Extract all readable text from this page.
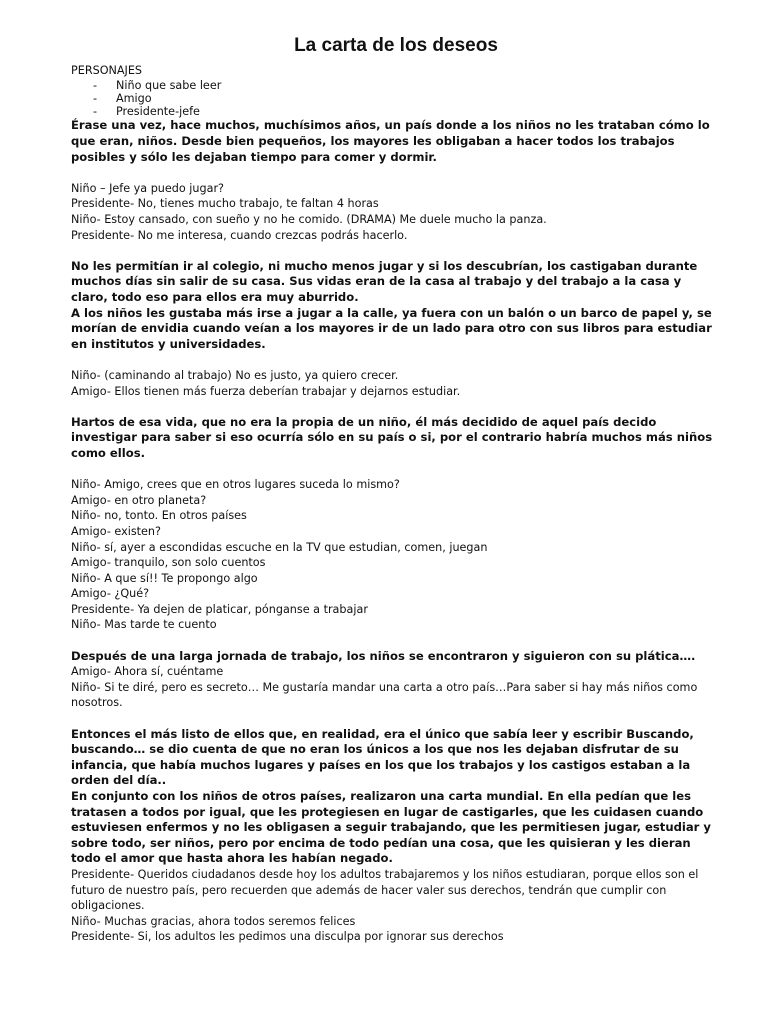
La carta de los deseos
PERSONAJES
- Niño que sabe leer
- Amigo
- Presidente-jefe

Érase una vez, hace muchos, muchísimos años, un país donde a los niños no les trataban cómo lo que eran, niños. Desde bien pequeños, los mayores les obligaban a hacer todos los trabajos posibles y sólo les dejaban tiempo para comer y dormir.

Niño – Jefe ya puedo jugar?

Presidente- No, tienes mucho trabajo, te faltan 4 horas

Niño- Estoy cansado, con sueño y no he comido. (DRAMA) Me duele mucho la panza.

Presidente- No me interesa, cuando crezcas podrás hacerlo.

No les permitían ir al colegio, ni mucho menos jugar y si los descubrían, los castigaban durante muchos días sin salir de su casa. Sus vidas eran de la casa al trabajo y del trabajo a la casa y claro, todo eso para ellos era muy aburrido.

A los niños les gustaba más irse a jugar a la calle, ya fuera con un balón o un barco de papel y, se morían de envidia cuando veían a los mayores ir de un lado para otro con sus libros para estudiar en institutos y universidades.

Niño- (caminando al trabajo) No es justo, ya quiero crecer.

Amigo- Ellos tienen más fuerza deberían trabajar y dejarnos estudiar.

Hartos de esa vida, que no era la propia de un niño, él más decidido de aquel país decido investigar para saber si eso ocurría sólo en su país o si, por el contrario habría muchos más niños como ellos.

Niño- Amigo, crees que en otros lugares suceda lo mismo?

Amigo- en otro planeta?

Niño- no, tonto. En otros países

Amigo- existen?

Niño- sí, ayer a escondidas escuche en la TV que estudian, comen, juegan

Amigo- tranquilo, son solo cuentos

Niño- A que sí!! Te propongo algo

Amigo- ¿Qué?

Presidente- Ya dejen de platicar, pónganse a trabajar

Niño- Mas tarde te cuento

Después de una larga jornada de trabajo, los niños se encontraron y siguieron con su plática….

Amigo- Ahora sí, cuéntame

Niño- Si te diré, pero es secreto… Me gustaría mandar una carta a otro país…Para saber si hay más niños como nosotros.

Entonces el más listo de ellos que, en realidad, era el único que sabía leer y escribir Buscando, buscando… se dio cuenta de que no eran los únicos a los que nos les dejaban disfrutar de su infancia, que había muchos lugares y países en los que los trabajos y los castigos estaban a la orden del día..

En conjunto con los niños de otros países, realizaron una carta mundial. En ella pedían que les tratasen a todos por igual, que les protegiesen en lugar de castigarles, que les cuidasen cuando estuviesen enfermos y no les obligasen a seguir trabajando, que les permitiesen jugar, estudiar y sobre todo, ser niños, pero por encima de todo pedían una cosa, que les quisieran y les dieran todo el amor que hasta ahora les habían negado.

Presidente- Queridos ciudadanos desde hoy los adultos trabajaremos y los niños estudiaran, porque ellos son el futuro de nuestro país, pero recuerden que además de hacer valer sus derechos, tendrán que cumplir con obligaciones.

Niño- Muchas gracias, ahora todos seremos felices

Presidente- Si, los adultos les pedimos una disculpa por ignorar sus derechos
